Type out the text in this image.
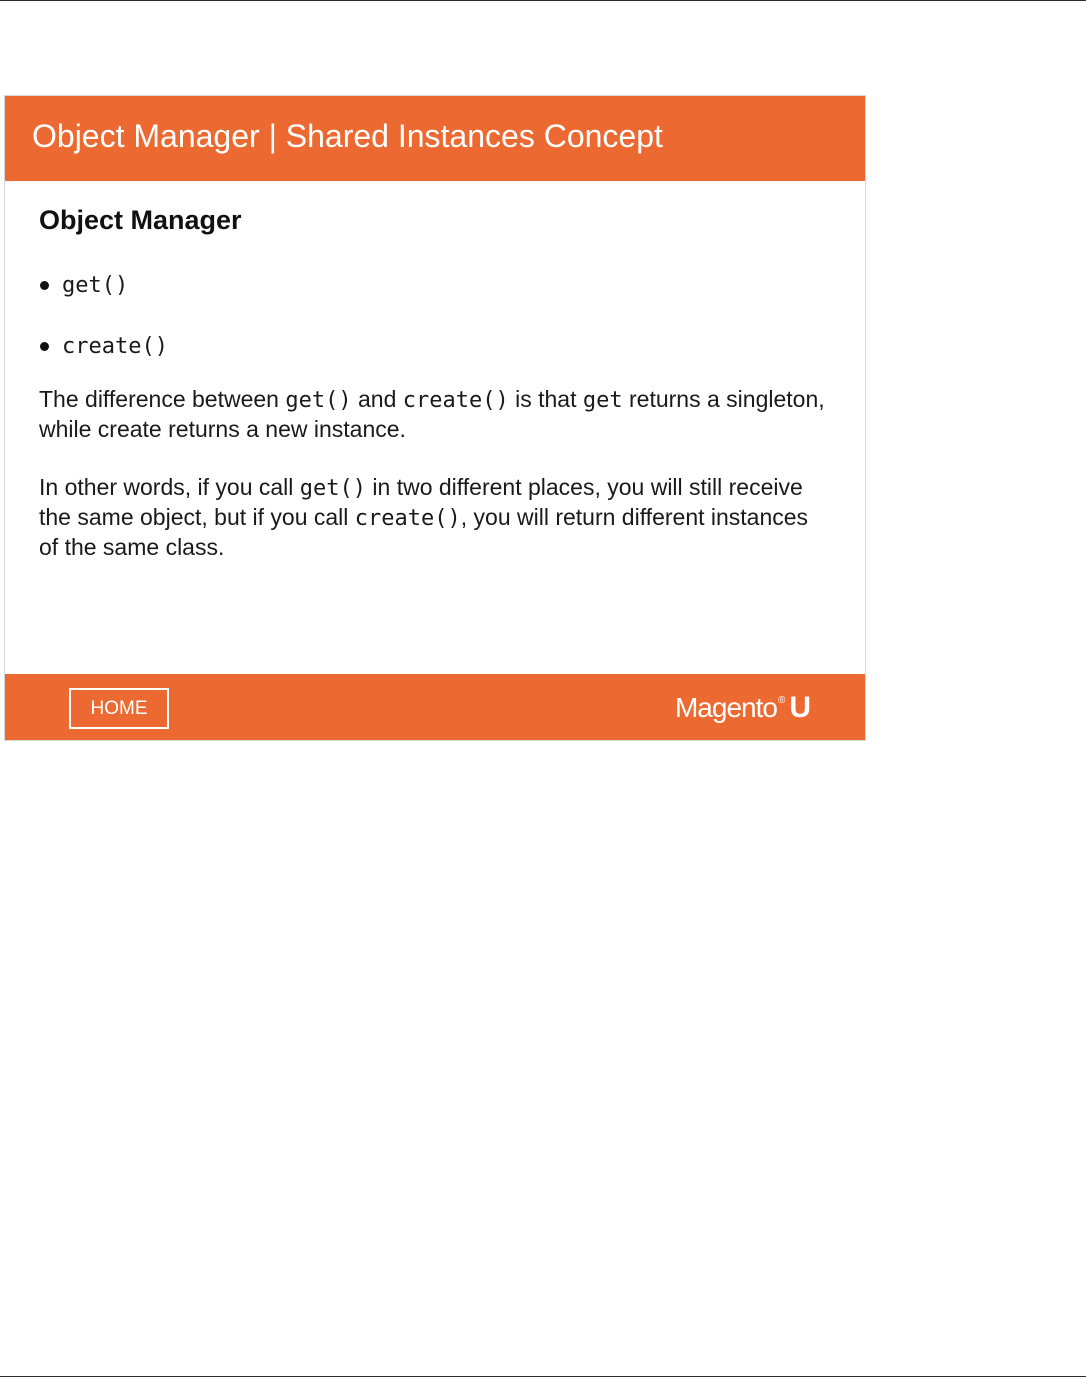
Object Manager | Shared Instances Concept
Object Manager
get()
create()

The difference between get() and create() is that get returns a singleton, while create returns a new instance.

In other words, if you call get() in two different places, you will still receive the same object, but if you call create(), you will return different instances of the same class.

HOME	Magento ® U
